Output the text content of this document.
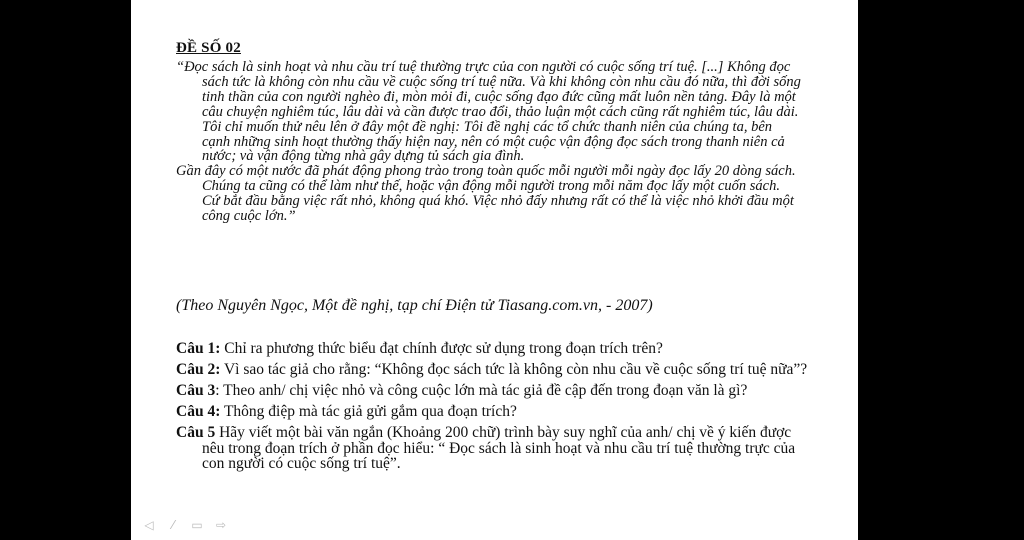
ĐỀ SỐ 02

“Đọc sách là sinh hoạt và nhu cầu trí tuệ thường trực của con người có cuộc sống trí tuệ. [...] Không đọc sách tức là không còn nhu cầu về cuộc sống trí tuệ nữa. Và khi không còn nhu cầu đó nữa, thì đời sống tinh thần của con người nghèo đi, mòn mỏi đi, cuộc sống đạo đức cũng mất luôn nền tảng. Đây là một câu chuyện nghiêm túc, lâu dài và cần được trao đổi, thảo luận một cách cũng rất nghiêm túc, lâu dài. Tôi chỉ muốn thử nêu lên ở đây một đề nghị: Tôi đề nghị các tổ chức thanh niên của chúng ta, bên cạnh những sinh hoạt thường thấy hiện nay, nên có một cuộc vận động đọc sách trong thanh niên cả nước; và vận động từng nhà gây dựng tủ sách gia đình.

Gần đây có một nước đã phát động phong trào trong toàn quốc mỗi người mỗi ngày đọc lấy 20 dòng sách. Chúng ta cũng có thể làm như thế, hoặc vận động mỗi người trong mỗi năm đọc lấy một cuốn sách. Cứ bắt đầu bằng việc rất nhỏ, không quá khó. Việc nhỏ đấy nhưng rất có thể là việc nhỏ khởi đầu một công cuộc lớn.”

(Theo Nguyên Ngọc, Một đề nghị, tạp chí Điện tử Tiasang.com.vn, - 2007)

Câu 1: Chỉ ra phương thức biểu đạt chính được sử dụng trong đoạn trích trên?

Câu 2: Vì sao tác giả cho rằng: “Không đọc sách tức là không còn nhu cầu về cuộc sống trí tuệ nữa”?

Câu 3: Theo anh/ chị việc nhỏ và công cuộc lớn mà tác giả đề cập đến trong đoạn văn là gì?

Câu 4: Thông điệp mà tác giả gửi gắm qua đoạn trích?

Câu 5 Hãy viết một bài văn ngắn (Khoảng 200 chữ) trình bày suy nghĩ của anh/ chị về ý kiến được nêu trong đoạn trích ở phần đọc hiểu: “ Đọc sách là sinh hoạt và nhu cầu trí tuệ thường trực của con người có cuộc sống trí tuệ”.

◁	⁄	▭ ⇨
